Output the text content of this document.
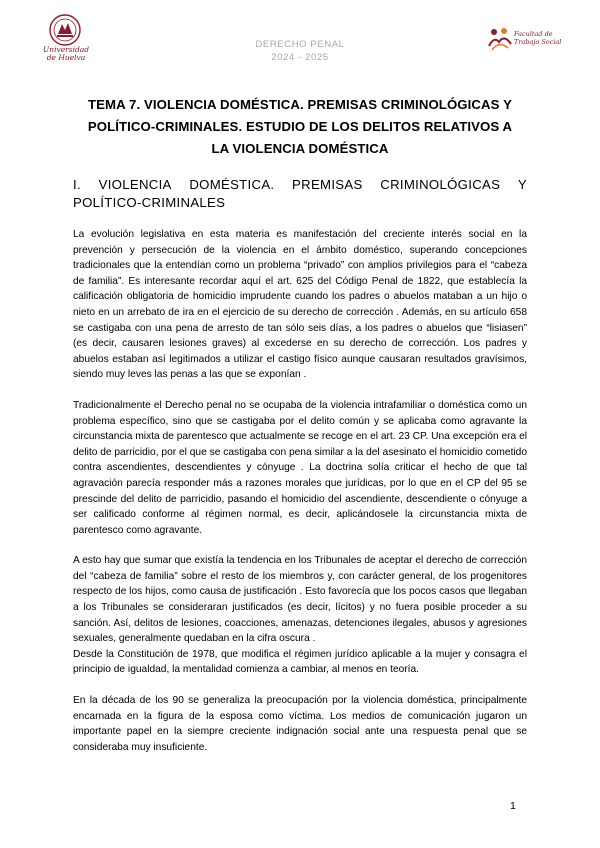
Universidad
de Huelva
DERECHO PENAL
2024 - 2025
Facultad de
Trabajo Social
TEMA 7. VIOLENCIA DOMÉSTICA. PREMISAS CRIMINOLÓGICAS Y
POLÍTICO-CRIMINALES. ESTUDIO DE LOS DELITOS RELATIVOS A
LA VIOLENCIA DOMÉSTICA
I. VIOLENCIA DOMÉSTICA. PREMISAS CRIMINOLÓGICAS Y
POLÍTICO-CRIMINALES

La evolución legislativa en esta materia es manifestación del creciente interés social en la prevención y persecución de la violencia en el ámbito doméstico, superando concepciones tradicionales que la entendían como un problema “privado” con amplios privilegios para el “cabeza de familia”. Es interesante recordar aquí el art. 625 del Código Penal de 1822, que establecía la calificación obligatoria de homicidio imprudente cuando los padres o abuelos mataban a un hijo o nieto en un arrebato de ira en el ejercicio de su derecho de corrección . Además, en su artículo 658 se castigaba con una pena de arresto de tan sólo seis días, a los padres o abuelos que “lisiasen” (es decir, causaren lesiones graves) al excederse en su derecho de corrección. Los padres y abuelos estaban así legitimados a utilizar el castigo físico aunque causaran resultados gravísimos, siendo muy leves las penas a las que se exponían .

Tradicionalmente el Derecho penal no se ocupaba de la violencia intrafamiliar o doméstica como un problema específico, sino que se castigaba por el delito común y se aplicaba como agravante la circunstancia mixta de parentesco que actualmente se recoge en el art. 23 CP. Una excepción era el delito de parricidio, por el que se castigaba con pena similar a la del asesinato el homicidio cometido contra ascendientes, descendientes y cónyuge . La doctrina solía criticar el hecho de que tal agravación parecía responder más a razones morales que jurídicas, por lo que en el CP del 95 se prescinde del delito de parricidio, pasando el homicidio del ascendiente, descendiente o cónyuge a ser calificado conforme al régimen normal, es decir, aplicándosele la circunstancia mixta de parentesco como agravante.

A esto hay que sumar que existía la tendencia en los Tribunales de aceptar el derecho de corrección del “cabeza de familia” sobre el resto de los miembros y, con carácter general, de los progenitores respecto de los hijos, como causa de justificación . Esto favorecía que los pocos casos que llegaban a los Tribunales se consideraran justificados (es decir, lícitos) y no fuera posible proceder a su sanción. Así, delitos de lesiones, coacciones, amenazas, detenciones ilegales, abusos y agresiones sexuales, generalmente quedaban en la cifra oscura .

Desde la Constitución de 1978, que modifica el régimen jurídico aplicable a la mujer y consagra el principio de igualdad, la mentalidad comienza a cambiar, al menos en teoría.

En la década de los 90 se generaliza la preocupación por la violencia doméstica, principalmente encarnada en la figura de la esposa como víctima. Los medios de comunicación jugaron un importante papel en la siempre creciente indignación social ante una respuesta penal que se consideraba muy insuficiente.

1
